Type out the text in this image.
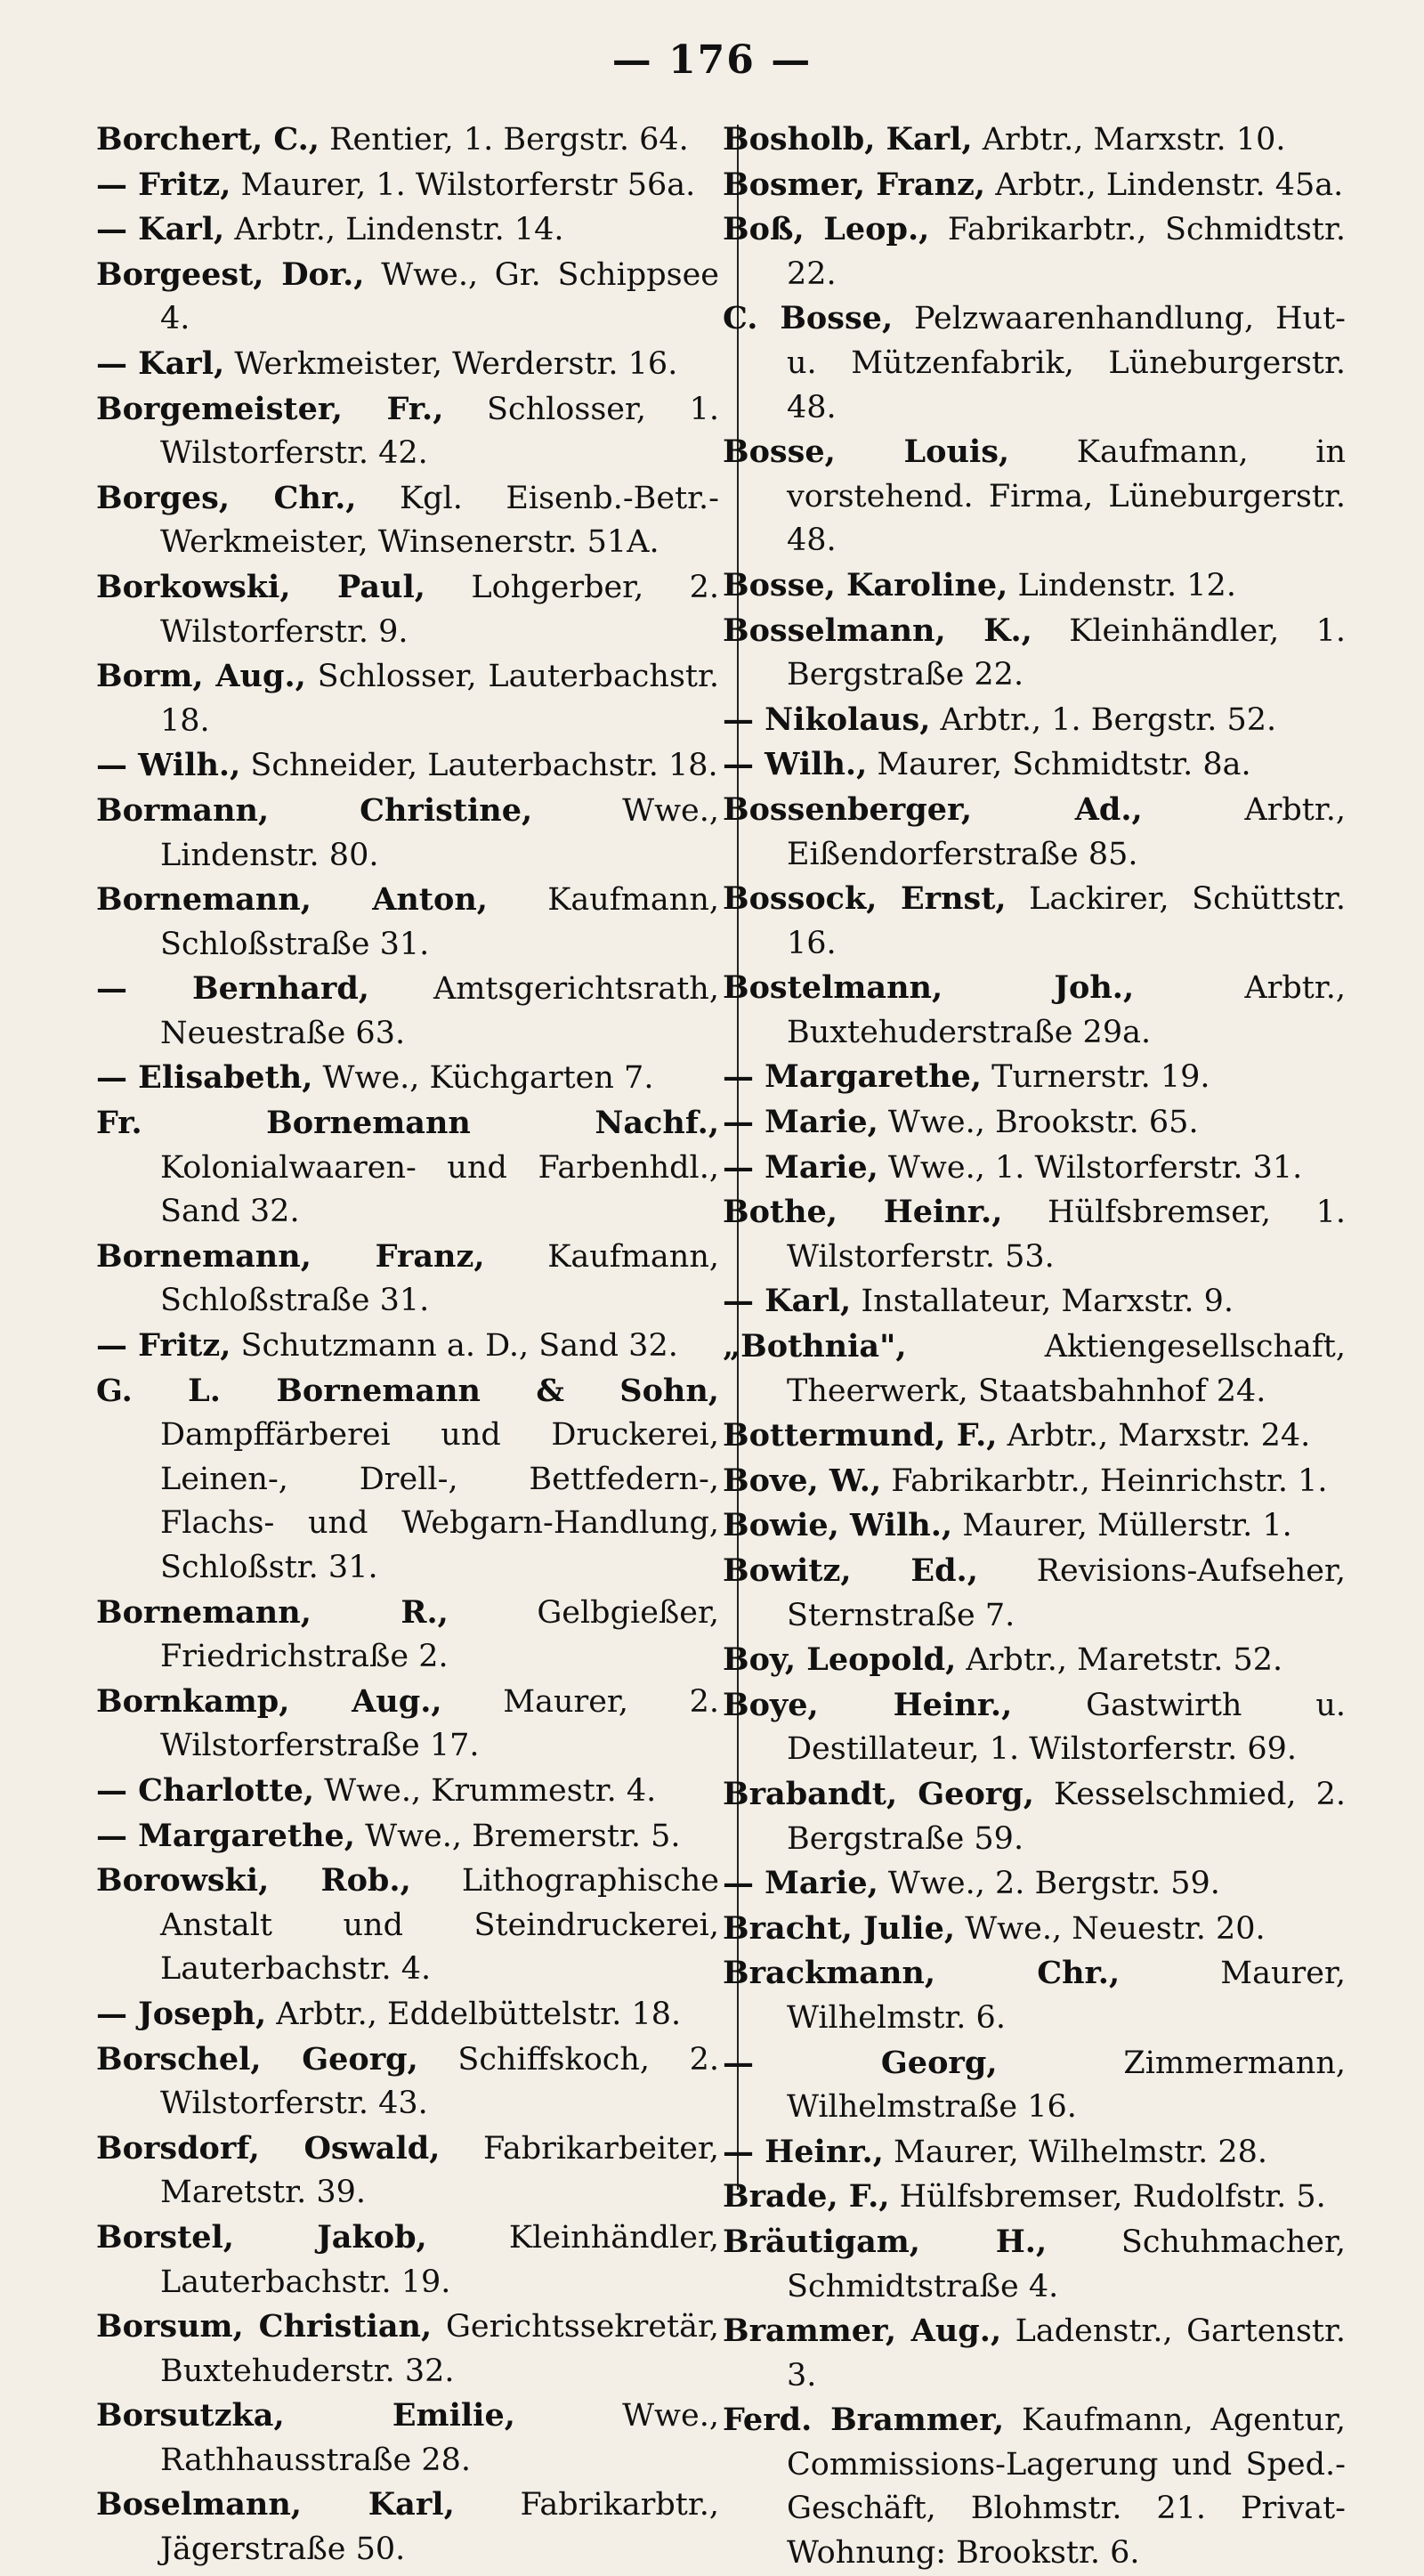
— 176 —
Borchert, C., Rentier, 1. Bergstr. 64.
— Fritz, Maurer, 1. Wilstorferstr 56a.
— Karl, Arbtr., Lindenstr. 14.
Borgeest, Dor., Wwe., Gr. Schippsee 4.
— Karl, Werkmeister, Werderstr. 16.
Borgemeister, Fr., Schlosser, 1. Wilstorferstr. 42.
Borges, Chr., Kgl. Eisenb.-Betr.-Werkmeister, Winsenerstr. 51A.
Borkowski, Paul, Lohgerber, 2. Wilstorferstr. 9.
Borm, Aug., Schlosser, Lauterbachstr. 18.
— Wilh., Schneider, Lauterbachstr. 18.
Bormann, Christine, Wwe., Lindenstr. 80.
Bornemann, Anton, Kaufmann, Schloßstraße 31.
— Bernhard, Amtsgerichtsrath, Neuestraße 63.
— Elisabeth, Wwe., Küchgarten 7.
Fr. Bornemann Nachf., Kolonialwaaren- und Farbenhdl., Sand 32.
Bornemann, Franz, Kaufmann, Schloßstraße 31.
— Fritz, Schutzmann a. D., Sand 32.
G. L. Bornemann & Sohn, Dampffärberei und Druckerei, Leinen-, Drell-, Bettfedern-, Flachs- und Webgarn-Handlung, Schloßstr. 31.
Bornemann, R., Gelbgießer, Friedrichstraße 2.
Bornkamp, Aug., Maurer, 2. Wilstorferstraße 17.
— Charlotte, Wwe., Krummestr. 4.
— Margarethe, Wwe., Bremerstr. 5.
Borowski, Rob., Lithographische Anstalt und Steindruckerei, Lauterbachstr. 4.
— Joseph, Arbtr., Eddelbüttelstr. 18.
Borschel, Georg, Schiffskoch, 2. Wilstorferstr. 43.
Borsdorf, Oswald, Fabrikarbeiter, Maretstr. 39.
Borstel, Jakob, Kleinhändler, Lauterbachstr. 19.
Borsum, Christian, Gerichtssekretär, Buxtehuderstr. 32.
Borsutzka, Emilie, Wwe., Rathhausstraße 28.
Boselmann, Karl, Fabrikarbtr., Jägerstraße 50.
Bosholb, Karl, Arbtr., Marxstr. 10.
Bosmer, Franz, Arbtr., Lindenstr. 45a.
Boß, Leop., Fabrikarbtr., Schmidtstr. 22.
C. Bosse, Pelzwaarenhandlung, Hut- u. Mützenfabrik, Lüneburgerstr. 48.
Bosse, Louis, Kaufmann, in vorstehend. Firma, Lüneburgerstr. 48.
Bosse, Karoline, Lindenstr. 12.
Bosselmann, K., Kleinhändler, 1. Bergstraße 22.
— Nikolaus, Arbtr., 1. Bergstr. 52.
— Wilh., Maurer, Schmidtstr. 8a.
Bossenberger, Ad., Arbtr., Eißendorferstraße 85.
Bossock, Ernst, Lackirer, Schüttstr. 16.
Bostelmann, Joh., Arbtr., Buxtehuderstraße 29a.
— Margarethe, Turnerstr. 19.
— Marie, Wwe., Brookstr. 65.
— Marie, Wwe., 1. Wilstorferstr. 31.
Bothe, Heinr., Hülfsbremser, 1. Wilstorferstr. 53.
— Karl, Installateur, Marxstr. 9.
„Bothnia", Aktiengesellschaft, Theerwerk, Staatsbahnhof 24.
Bottermund, F., Arbtr., Marxstr. 24.
Bove, W., Fabrikarbtr., Heinrichstr. 1.
Bowie, Wilh., Maurer, Müllerstr. 1.
Bowitz, Ed., Revisions-Aufseher, Sternstraße 7.
Boy, Leopold, Arbtr., Maretstr. 52.
Boye, Heinr., Gastwirth u. Destillateur, 1. Wilstorferstr. 69.
Brabandt, Georg, Kesselschmied, 2. Bergstraße 59.
— Marie, Wwe., 2. Bergstr. 59.
Bracht, Julie, Wwe., Neuestr. 20.
Brackmann, Chr., Maurer, Wilhelmstr. 6.
— Georg, Zimmermann, Wilhelmstraße 16.
— Heinr., Maurer, Wilhelmstr. 28.
Brade, F., Hülfsbremser, Rudolfstr. 5.
Bräutigam, H., Schuhmacher, Schmidtstraße 4.
Brammer, Aug., Ladenstr., Gartenstr. 3.
Ferd. Brammer, Kaufmann, Agentur, Commissions-Lagerung und Sped.-Geschäft, Blohmstr. 21. Privat-Wohnung: Brookstr. 6.
